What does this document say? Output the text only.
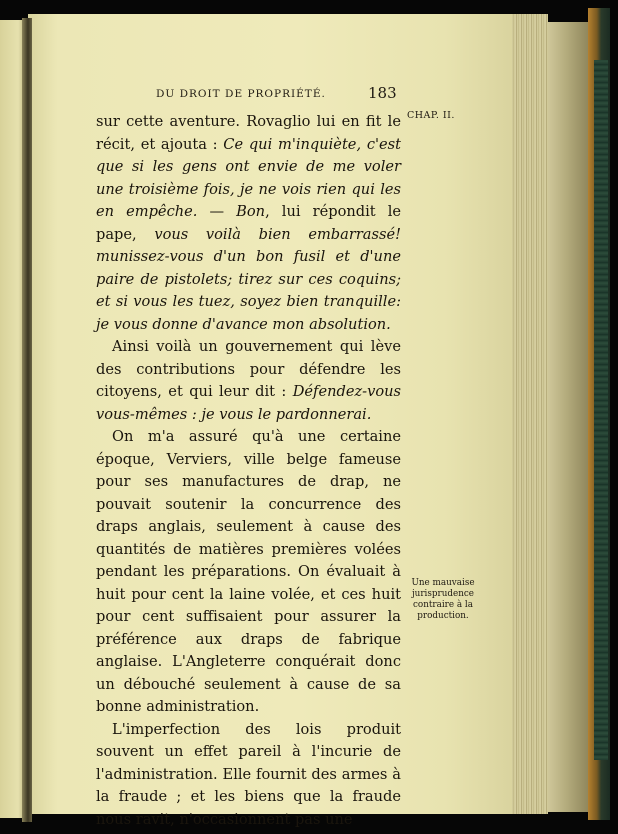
DU DROIT DE PROPRIÉTÉ.	183
CHAP. II.

sur cette aventure. Rovaglio lui en fit le récit, et ajouta : Ce qui m'inquiète, c'est que si les gens ont envie de me voler une troisième fois, je ne vois rien qui les en empêche. — Bon, lui répondit le pape, vous voilà bien embarrassé! munissez-vous d'un bon fusil et d'une paire de pistolets; tirez sur ces coquins; et si vous les tuez, soyez bien tranquille: je vous donne d'avance mon absolution.

Ainsi voilà un gouvernement qui lève des contributions pour défendre les citoyens, et qui leur dit : Défendez-vous vous-mêmes : je vous le pardonnerai.

On m'a assuré qu'à une certaine époque, Verviers, ville belge fameuse pour ses manufactures de drap, ne pouvait soutenir la concurrence des draps anglais, seulement à cause des quantités de matières premières volées pendant les préparations. On évaluait à huit pour cent la laine volée, et ces huit pour cent suffisaient pour assurer la préférence aux draps de fabrique anglaise. L'Angleterre conquérait donc un débouché seulement à cause de sa bonne administration.

L'imperfection des lois produit souvent un effet pareil à l'incurie de l'administration. Elle fournit des armes à la fraude ; et les biens que la fraude nous ravit, n'occasionnent pas une

Une mauvaise jurisprudence contraire à la production.
